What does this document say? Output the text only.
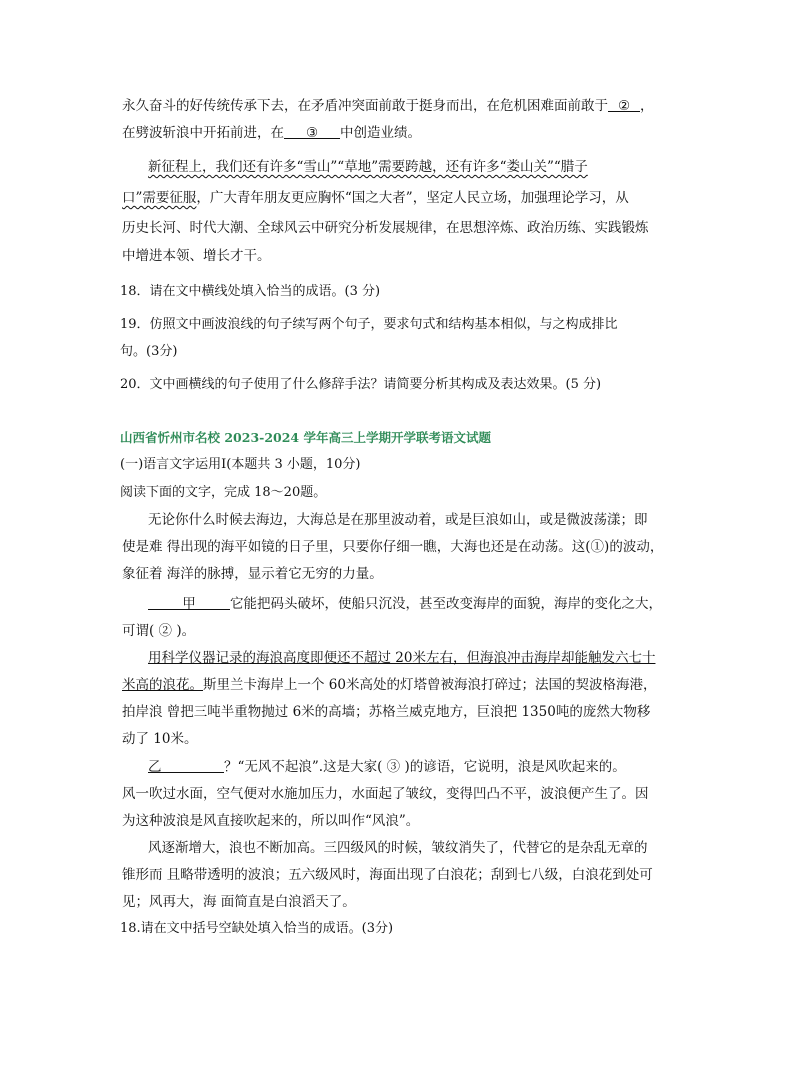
永久奋斗的好传统传承下去，在矛盾冲突面前敢于挺身而出，在危机困难面前敢于 ② ，
在劈波斩浪中开拓前进，在 ③ 中创造业绩。
新征程上，我们还有许多“雪山”“草地”需要跨越，还有许多“娄山关”“腊子
口”需要征服，广大青年朋友更应胸怀“国之大者”，坚定人民立场，加强理论学习，从
历史长河、时代大潮、全球风云中研究分析发展规律，在思想淬炼、政治历练、实践锻炼
中增进本领、增长才干。
18．请在文中横线处填入恰当的成语。(3 分)
19．仿照文中画波浪线的句子续写两个句子，要求句式和结构基本相似，与之构成排比
句。(3分)
20．文中画横线的句子使用了什么修辞手法？请简要分析其构成及表达效果。(5 分)
山西省忻州市名校 2023-2024 学年高三上学期开学联考语文试题
(一)语言文字运用Ⅰ(本题共 3 小题，10分)
阅读下面的文字，完成 18～20题。
无论你什么时候去海边，大海总是在那里波动着，或是巨浪如山，或是微波荡漾；即
使是难 得出现的海平如镜的日子里，只要你仔细一瞧，大海也还是在动荡。这(①)的波动，
象征着 海洋的脉搏，显示着它无穷的力量。
甲	它能把码头破坏，使船只沉没，甚至改变海岸的面貌，海岸的变化之大，
可谓( ② )。
用科学仪器记录的海浪高度即便还不超过 20米左右，但海浪冲击海岸却能触发六七十
米高的浪花。斯里兰卡海岸上一个 60米高处的灯塔曾被海浪打碎过；法国的契波格海港，
拍岸浪 曾把三吨半重物抛过 6米的高墙；苏格兰威克地方，巨浪把 1350吨的庞然大物移
动了 10米。
乙	？“无风不起浪”.这是大家( ③ )的谚语，它说明，浪是风吹起来的。
风一吹过水面，空气便对水施加压力，水面起了皱纹，变得凹凸不平，波浪便产生了。因
为这种波浪是风直接吹起来的，所以叫作“风浪”。
风逐渐增大，浪也不断加高。三四级风的时候，皱纹消失了，代替它的是杂乱无章的
锥形而 且略带透明的波浪；五六级风时，海面出现了白浪花；刮到七八级，白浪花到处可
见；风再大，海 面简直是白浪滔天了。
18.请在文中括号空缺处填入恰当的成语。(3分)
